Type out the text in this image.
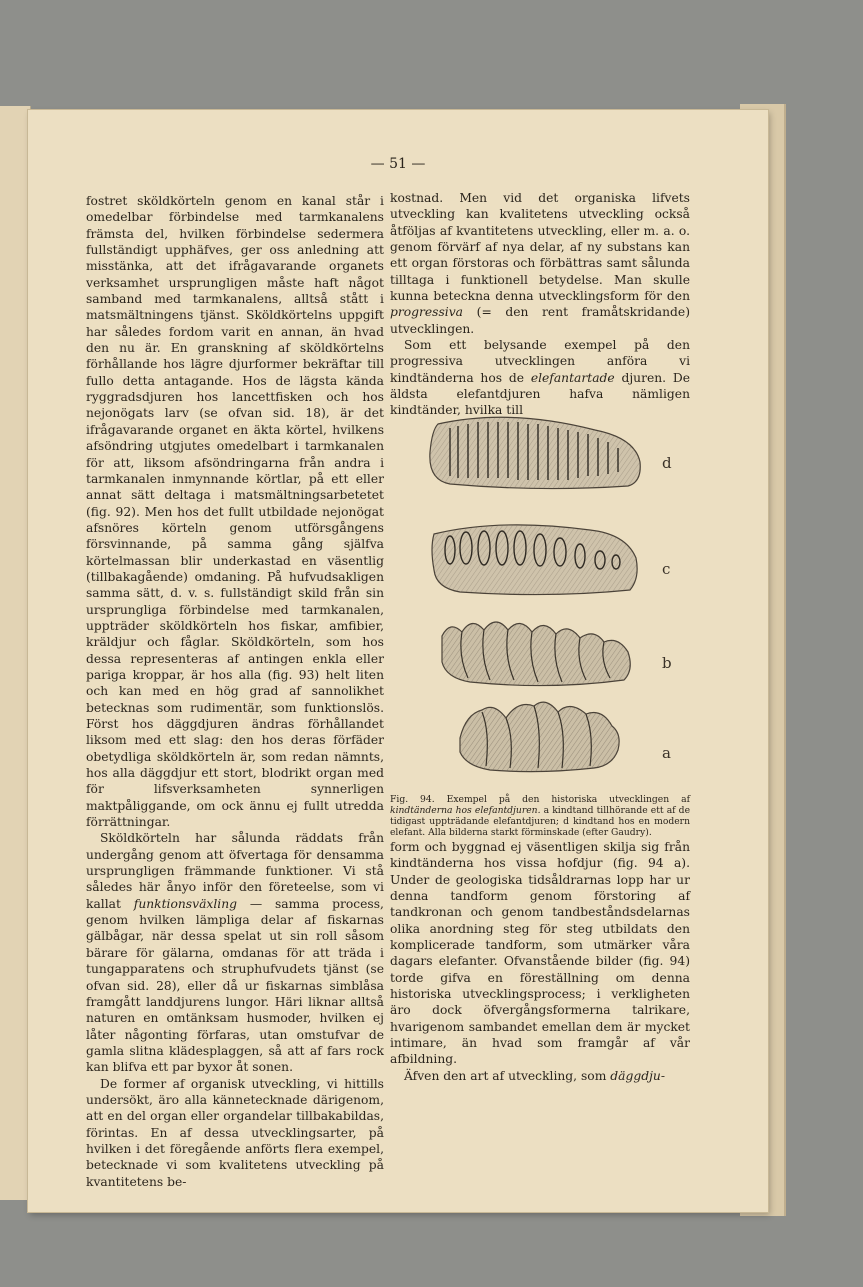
— 51 —

fostret sköldkörteln genom en kanal står i omedelbar förbindelse med tarmkanalens främsta del, hvilken förbindelse sedermera fullständigt upphäfves, ger oss anledning att misstänka, att det ifrågavarande organets verksamhet ursprungligen måste haft något samband med tarmkanalens, alltså stått i matsmältningens tjänst. Sköldkörtelns uppgift har således fordom varit en annan, än hvad den nu är. En granskning af sköldkörtelns förhållande hos lägre djurformer bekräftar till fullo detta antagande. Hos de lägsta kända ryggradsdjuren hos lancettfisken och hos nejonögats larv (se ofvan sid. 18), är det ifrågavarande organet en äkta körtel, hvilkens afsöndring utgjutes omedelbart i tarmkanalen för att, liksom afsöndringarna från andra i tarmkanalen inmynnande körtlar, på ett eller annat sätt deltaga i matsmältningsarbetetet (fig. 92). Men hos det fullt utbildade nejonögat afsnöres körteln genom utförsgångens försvinnande, på samma gång själfva körtelmassan blir underkastad en väsentlig (tillbakagående) omdaning. På hufvudsakligen samma sätt, d. v. s. fullständigt skild från sin ursprungliga förbindelse med tarmkanalen, uppträder sköldkörteln hos fiskar, amfibier, kräldjur och fåglar. Sköldkörteln, som hos dessa representeras af antingen enkla eller pariga kroppar, är hos alla (fig. 93) helt liten och kan med en hög grad af sannolikhet betecknas som rudimentär, som funktionslös. Först hos däggdjuren ändras förhållandet liksom med ett slag: den hos deras förfäder obetydliga sköldkörteln är, som redan nämnts, hos alla däggdjur ett stort, blodrikt organ med för lifsverksamheten synnerligen maktpåliggande, om ock ännu ej fullt utredda förrättningar.

Sköldkörteln har sålunda räddats från undergång genom att öfvertaga för densamma ursprungligen främmande funktioner. Vi stå således här ånyo inför den företeelse, som vi kallat funktionsväxling — samma process, genom hvilken lämpliga delar af fiskarnas gälbågar, när dessa spelat ut sin roll såsom bärare för gälarna, omdanas för att träda i tungapparatens och struphufvudets tjänst (se ofvan sid. 28), eller då ur fiskarnas simblåsa framgått landdjurens lungor. Häri liknar alltså naturen en omtänksam husmoder, hvilken ej låter någonting förfaras, utan omstufvar de gamla slitna klädesplaggen, så att af fars rock kan blifva ett par byxor åt sonen.

De former af organisk utveckling, vi hittills undersökt, äro alla kännetecknade därigenom, att en del organ eller organdelar tillbakabildas, förintas. En af dessa utvecklingsarter, på hvilken i det föregående anförts flera exempel, betecknade vi som kvalitetens utveckling på kvantitetens be-

kostnad. Men vid det organiska lifvets utveckling kan kvalitetens utveckling också åtföljas af kvantitetens utveckling, eller m. a. o. genom förvärf af nya delar, af ny substans kan ett organ förstoras och förbättras samt sålunda tilltaga i funktionell betydelse. Man skulle kunna beteckna denna utvecklingsform för den progressiva (= den rent framåtskridande) utvecklingen.

Som ett belysande exempel på den progressiva utvecklingen anföra vi kindtänderna hos de elefantartade djuren. De äldsta elefantdjuren hafva nämligen kindtänder, hvilka till

d
c
b
a
Fig. 94. Exempel på den historiska utvecklingen af kindtänderna hos elefantdjuren. a kindtand tillhörande ett af de tidigast uppträdande elefantdjuren; d kindtand hos en modern elefant. Alla bilderna starkt förminskade (efter Gaudry).

form och byggnad ej väsentligen skilja sig från kindtänderna hos vissa hofdjur (fig. 94 a). Under de geologiska tidsåldrarnas lopp har ur denna tandform genom förstoring af tandkronan och genom tandbeståndsdelarnas olika anordning steg för steg utbildats den komplicerade tandform, som utmärker våra dagars elefanter. Ofvanstående bilder (fig. 94) torde gifva en föreställning om denna historiska utvecklingsprocess; i verkligheten äro dock öfvergångsformerna talrikare, hvarigenom sambandet emellan dem är mycket intimare, än hvad som framgår af vår afbildning.

Äfven den art af utveckling, som däggdju-
